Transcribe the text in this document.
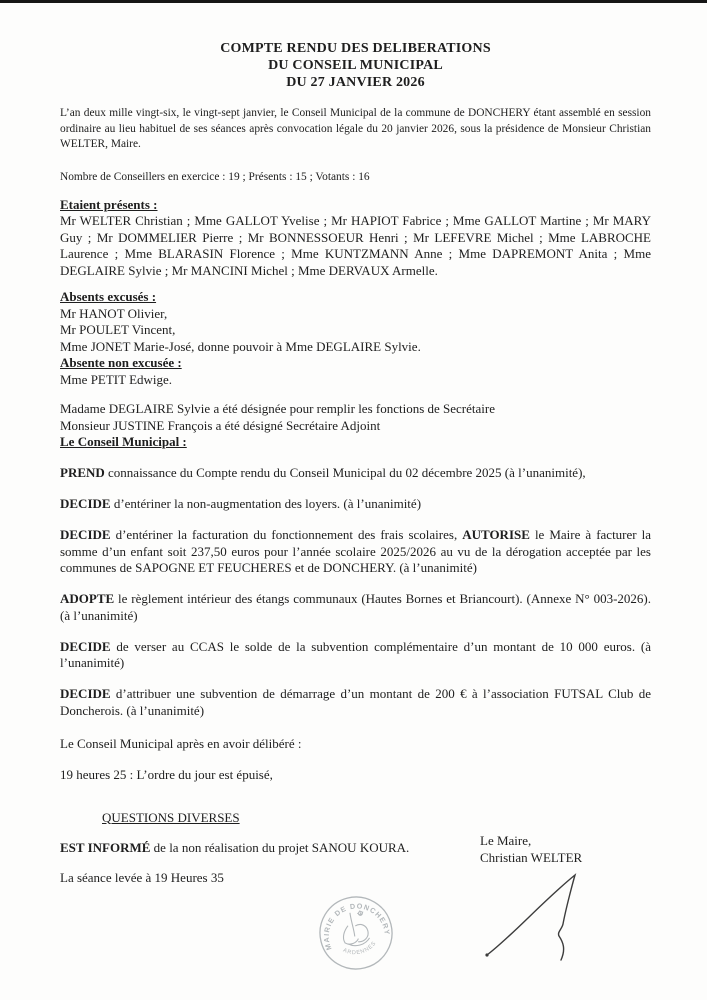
COMPTE RENDU DES DELIBERATIONS
DU CONSEIL MUNICIPAL
DU 27 JANVIER 2026

L’an deux mille vingt-six, le vingt-sept janvier, le Conseil Municipal de la commune de DONCHERY étant assemblé en session ordinaire au lieu habituel de ses séances après convocation légale du 20 janvier 2026, sous la présidence de Monsieur Christian WELTER, Maire.

Nombre de Conseillers en exercice : 19 ; Présents : 15 ; Votants : 16
Etaient présents :
Mr WELTER Christian ; Mme GALLOT Yvelise ; Mr HAPIOT Fabrice ; Mme GALLOT Martine ; Mr MARY Guy ; Mr DOMMELIER Pierre ; Mr BONNESSOEUR Henri ; Mr LEFEVRE Michel ; Mme LABROCHE Laurence ; Mme BLARASIN Florence ; Mme KUNTZMANN Anne ; Mme DAPREMONT Anita ; Mme DEGLAIRE Sylvie ; Mr MANCINI Michel ; Mme DERVAUX Armelle.
Absents excusés :
Mr HANOT Olivier,
Mr POULET Vincent,
Mme JONET Marie-José, donne pouvoir à Mme DEGLAIRE Sylvie.
Absente non excusée :
Mme PETIT Edwige.
Madame DEGLAIRE Sylvie a été désignée pour remplir les fonctions de Secrétaire
Monsieur JUSTINE François a été désigné Secrétaire Adjoint
Le Conseil Municipal :

PREND connaissance du Compte rendu du Conseil Municipal du 02 décembre 2025 (à l’unanimité),

DECIDE d’entériner la non-augmentation des loyers. (à l’unanimité)

DECIDE d’entériner la facturation du fonctionnement des frais scolaires, AUTORISE le Maire à facturer la somme d’un enfant soit 237,50 euros pour l’année scolaire 2025/2026 au vu de la dérogation acceptée par les communes de SAPOGNE ET FEUCHERES et de DONCHERY. (à l’unanimité)

ADOPTE le règlement intérieur des étangs communaux (Hautes Bornes et Briancourt). (Annexe N° 003-2026). (à l’unanimité)

DECIDE de verser au CCAS le solde de la subvention complémentaire d’un montant de 10 000 euros. (à l’unanimité)

DECIDE d’attribuer une subvention de démarrage d’un montant de 200 € à l’association FUTSAL Club de Doncherois. (à l’unanimité)

Le Conseil Municipal après en avoir délibéré :

19 heures 25 : L’ordre du jour est épuisé,

QUESTIONS DIVERSES

EST INFORMÉ de la non réalisation du projet SANOU KOURA.

La séance levée à 19 Heures 35

Le Maire,
Christian WELTER
MAIRIE DE DONCHERY
ARDENNES
